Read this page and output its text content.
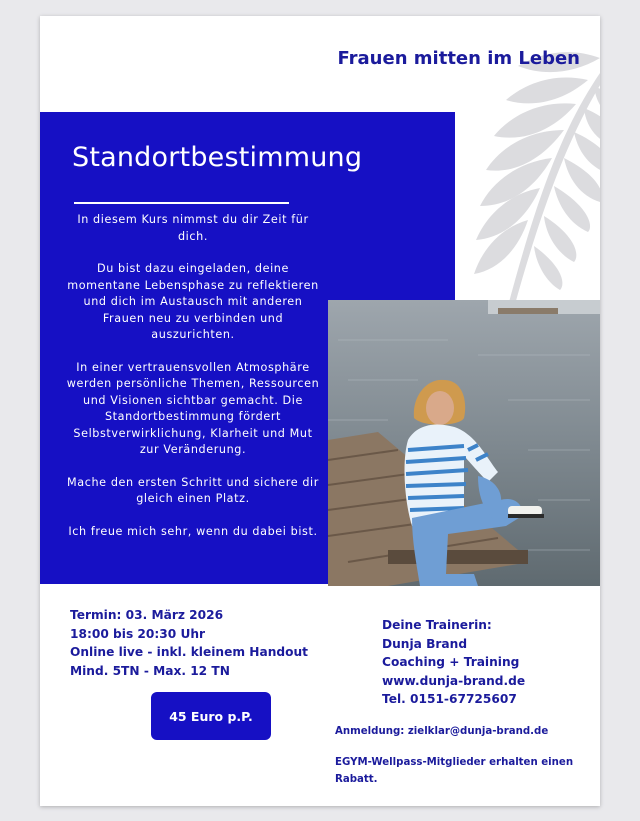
Frauen mitten im Leben
Standortbestimmung

In diesem Kurs nimmst du dir Zeit für dich.

Du bist dazu eingeladen, deine momentane Lebensphase zu reflektieren und dich im Austausch mit anderen Frauen neu zu verbinden und auszurichten.

In einer vertrauensvollen Atmosphäre werden persönliche Themen, Ressourcen und Visionen sichtbar gemacht. Die Standortbestimmung fördert Selbstverwirklichung, Klarheit und Mut zur Veränderung.

Mache den ersten Schritt und sichere dir gleich einen Platz.

Ich freue mich sehr, wenn du dabei bist.

Termin: 03. März 2026
18:00 bis 20:30 Uhr
Online live - inkl. kleinem Handout
Mind. 5TN - Max. 12 TN
45 Euro p.P.
Deine Trainerin:
Dunja Brand
Coaching + Training
www.dunja-brand.de
Tel. 0151-67725607
Anmeldung: zielklar@dunja-brand.de
EGYM-Wellpass-Mitglieder erhalten einen Rabatt.
